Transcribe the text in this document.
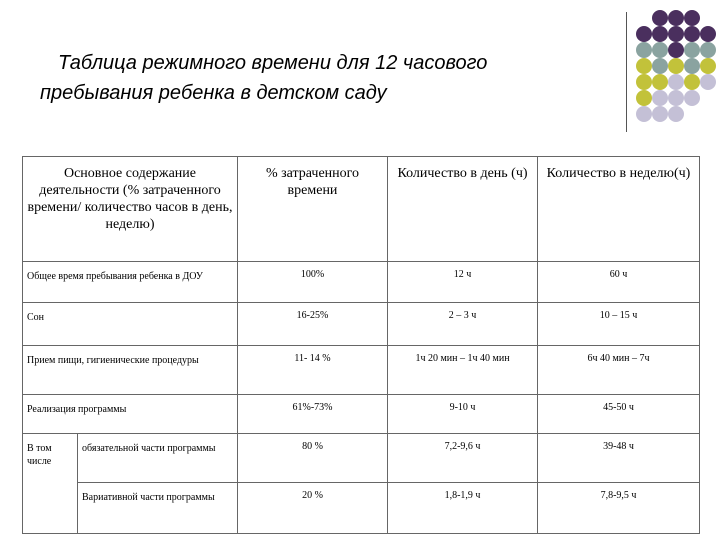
Таблица режимного времени для 12 часового
пребывания ребенка в детском саду
Основное содержание деятельности (% затраченного времени/ количество часов в день, неделю)		% затраченного времени	Количество в день (ч)	Количество в неделю(ч)
Общее время пребывания ребенка в ДОУ		100%	12 ч	60 ч
Сон		16-25%	2 – 3 ч	10 – 15 ч
Прием пищи, гигиенические процедуры		11- 14 %	1ч 20 мин – 1ч 40 мин	6ч 40 мин – 7ч
Реализация программы		61%-73%	9-10 ч	45-50 ч
В том числе	обязательной части программы	80 %	7,2-9,6 ч	39-48 ч
	Вариативной части программы	20 %	1,8-1,9 ч	7,8-9,5 ч
